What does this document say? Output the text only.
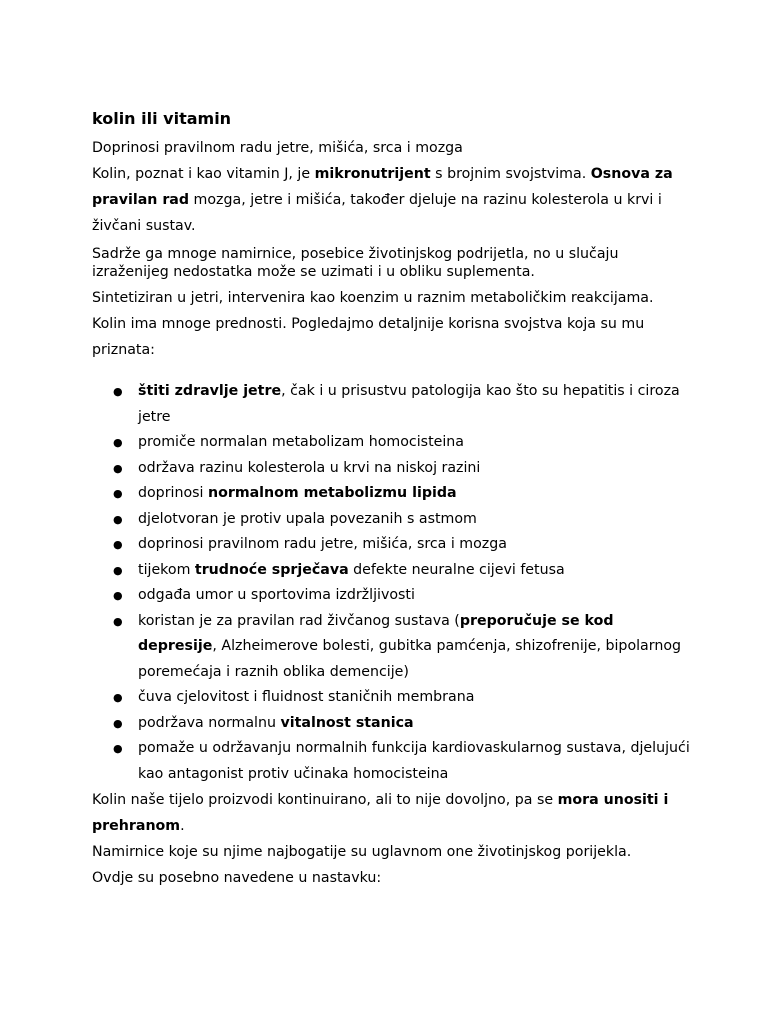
kolin ili vitamin

Doprinosi pravilnom radu jetre, mišića, srca i mozga

Kolin, poznat i kao vitamin J, je mikronutrijent s brojnim svojstvima. Osnova za pravilan rad mozga, jetre i mišića, također djeluje na razinu kolesterola u krvi i živčani sustav.

Sadrže ga mnoge namirnice, posebice životinjskog podrijetla, no u slučaju izraženijeg nedostatka može se uzimati i u obliku suplementa.

Sintetiziran u jetri, intervenira kao koenzim u raznim metaboličkim reakcijama.

Kolin ima mnoge prednosti. Pogledajmo detaljnije korisna svojstva koja su mu priznata:

● štiti zdravlje jetre, čak i u prisustvu patologija kao što su hepatitis i ciroza jetre
● promiče normalan metabolizam homocisteina
● održava razinu kolesterola u krvi na niskoj razini
● doprinosi normalnom metabolizmu lipida
● djelotvoran je protiv upala povezanih s astmom
● doprinosi pravilnom radu jetre, mišića, srca i mozga
● tijekom trudnoće sprječava defekte neuralne cijevi fetusa
● odgađa umor u sportovima izdržljivosti
● koristan je za pravilan rad živčanog sustava (preporučuje se kod depresije, Alzheimerove bolesti, gubitka pamćenja, shizofrenije, bipolarnog poremećaja i raznih oblika demencije)
● čuva cjelovitost i fluidnost staničnih membrana
● podržava normalnu vitalnost stanica
● pomaže u održavanju normalnih funkcija kardiovaskularnog sustava, djelujući kao antagonist protiv učinaka homocisteina

Kolin naše tijelo proizvodi kontinuirano, ali to nije dovoljno, pa se mora unositi i prehranom.

Namirnice koje su njime najbogatije su uglavnom one životinjskog porijekla.

Ovdje su posebno navedene u nastavku:
